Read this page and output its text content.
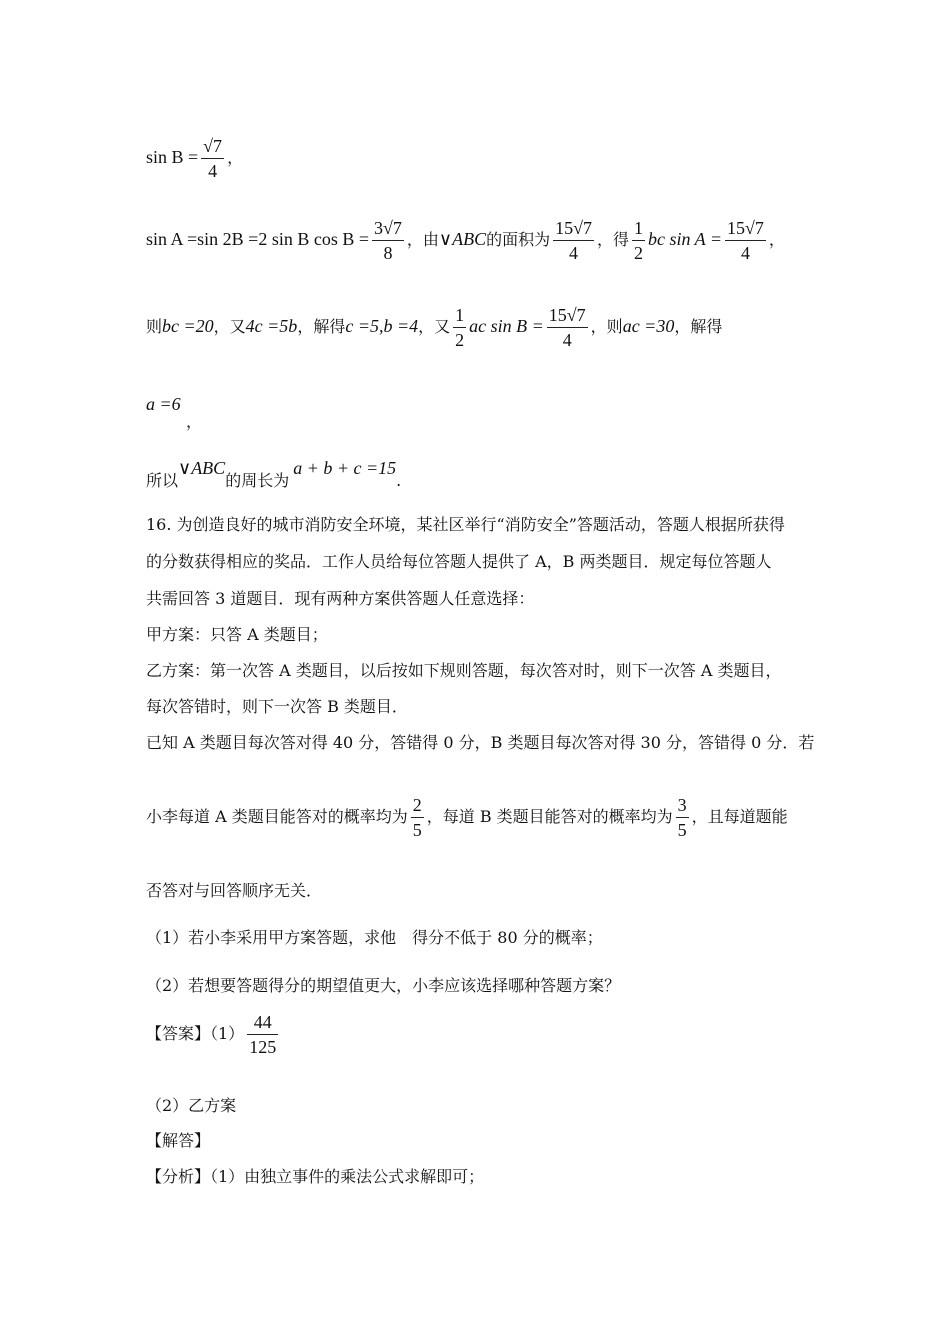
$\sin B = \frac{√7}{4}$ ，
sin A =sin 2B =2 sin B $\cos B = \frac{3√7}{8}$ ，由∨ABC的面积为 $\frac{15√7}{4}$ ，得 $\frac{1}{2}$ bc $\sin A = \frac{15√7}{4}$ ，
则bc =20，又4c =5b，解得c =5,b =4，又 $\frac{1}{2}$ ac $\sin B = \frac{15√7}{4}$ ，则ac =30，解得
a =6
，
所以∨ABC的周长为a + b + c =15.
16. 为创造良好的城市消防安全环境，某社区举行“消防安全”答题活动，答题人根据所获得
的分数获得相应的奖品．工作人员给每位答题人提供了 A，B 两类题目．规定每位答题人
共需回答 3 道题目．现有两种方案供答题人任意选择：
甲方案：只答 A 类题目；
乙方案：第一次答 A 类题目，以后按如下规则答题，每次答对时，则下一次答 A 类题目，
每次答错时，则下一次答 B 类题目．
已知 A 类题目每次答对得 40 分，答错得 0 分，B 类题目每次答对得 30 分，答错得 0 分．若
小李每道 A 类题目能答对的概率均为 $\frac{2}{5}$ ，每道 B 类题目能答对的概率均为 $\frac{3}{5}$ ，且每道题能
否答对与回答顺序无关．
（1）若小李采用甲方案答题，求他　得分不低于 80 分的概率；
（2）若想要答题得分的期望值更大，小李应该选择哪种答题方案？
【答案】$(1) \frac{44}{125}$
（2）乙方案
【解答】
【分析】（1）由独立事件的乘法公式求解即可；
